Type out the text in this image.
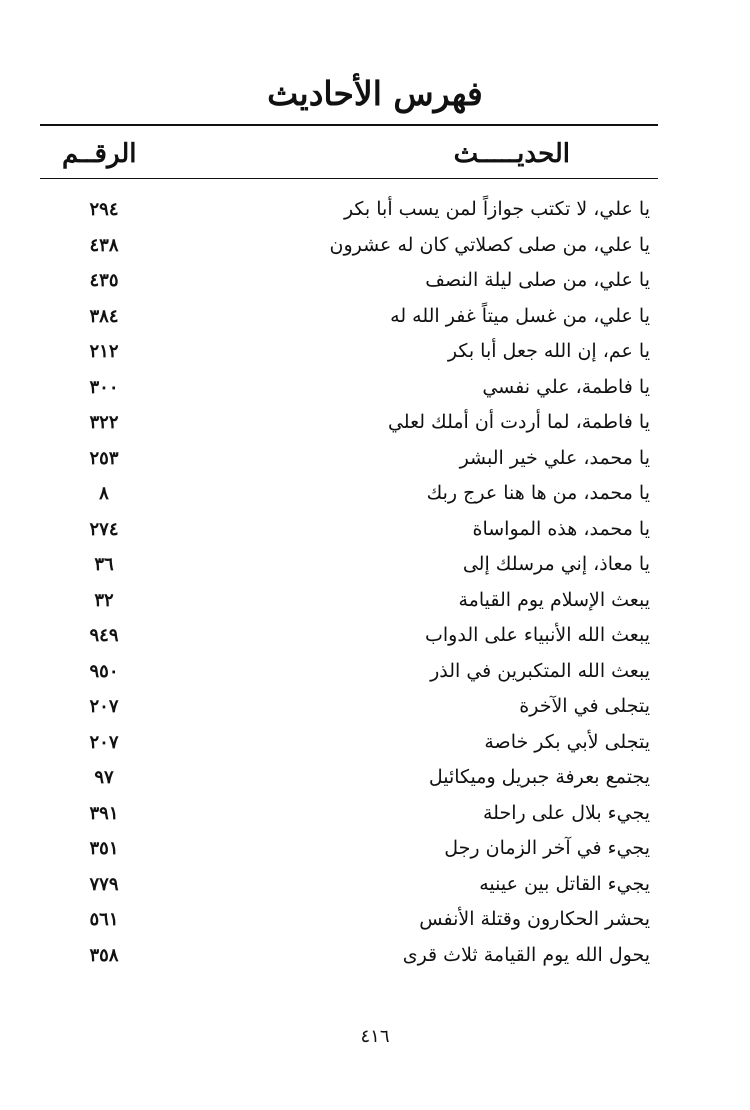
فهرس الأحاديث
الحديـــــث
الرقــم
يا علي، لا تكتب جوازاً لمن يسب أبا بكر
٢٩٤
يا علي، من صلى كصلاتي كان له عشرون
٤٣٨
يا علي، من صلى ليلة النصف
٤٣٥
يا علي، من غسل ميتاً غفر الله له
٣٨٤
يا عم، إن الله جعل أبا بكر
٢١٢
يا فاطمة، علي نفسي
٣٠٠
يا فاطمة، لما أردت أن أملك لعلي
٣٢٢
يا محمد، علي خير البشر
٢٥٣
يا محمد، من ها هنا عرج ربك
٨
يا محمد، هذه المواساة
٢٧٤
يا معاذ، إني مرسلك إلى
٣٦
يبعث الإسلام يوم القيامة
٣٢
يبعث الله الأنبياء على الدواب
٩٤٩
يبعث الله المتكبرين في الذر
٩٥٠
يتجلى في الآخرة
٢٠٧
يتجلى لأبي بكر خاصة
٢٠٧
يجتمع بعرفة جبريل وميكائيل
٩٧
يجيء بلال على راحلة
٣٩١
يجيء في آخر الزمان رجل
٣٥١
يجيء القاتل بين عينيه
٧٧٩
يحشر الحكارون وقتلة الأنفس
٥٦١
يحول الله يوم القيامة ثلاث قرى
٣٥٨
٤١٦
